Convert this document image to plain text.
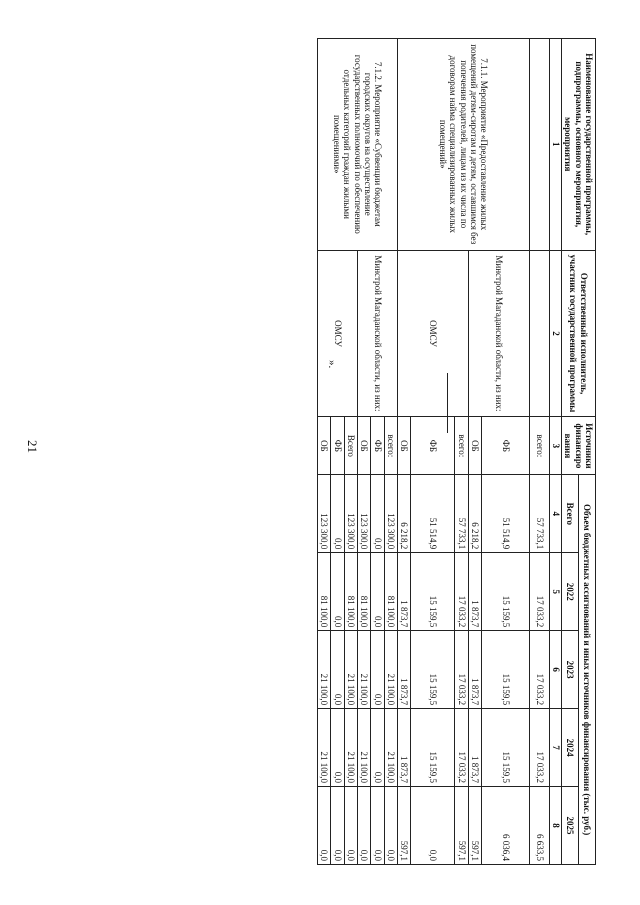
21
Наименование государственной программы, подпрограммы, основного мероприятия, мероприятия	Ответственный исполнитель, участник государственной программы	Источники финансиро вания	Объем бюджетных ассигнований и иных источников финансирования (тыс. руб.)				
			Всего	2022	2023	2024	2025
1	2	3	4	5	6	7	8
		всего:	57 733,1	17 033,2	17 033,2	17 033,2	6 633,5
7.1.1. Мероприятие «Предоставление жилых помещений детям-сиротам и детям, оставшимся без попечения родителей, лицам из их числа по договорам найма специализированных жилых помещений»	Минстрой Магаданской области, из них:	ФБ	51 514,9	15 159,5	15 159,5	15 159,5	6 036,4
		ОБ	6 218,2	1 873,7	1 873,7	1 873,7	597,1
	ОМСУ	всего:	57 733,1	17 033,2	17 033,2	17 033,2	597,1
		ФБ	51 514,9	15 159,5	15 159,5	15 159,5	0,0
		ОБ	6 218,2	1 873,7	1 873,7	1 873,7	597,1
7.1.2. Мероприятие «Субвенции бюджетам городских округов на осуществление государственных полномочий по обеспечению отдельных категорий граждан жилыми помещениями»	Минстрой Магаданской области, из них:	всего:	123 300,0	81 100,0	21 100,0	21 100,0	0,0
		ФБ	0,0	0,0	0,0	0,0	0,0
		ОБ	123 300,0	81 100,0	21 100,0	21 100,0	0,0
	ОМСУ	Всего	123 300,0	81 100,0	21 100,0	21 100,0	0,0
		ФБ	0,0	0,0	0,0	0,0	0,0
		ОБ	123 300,0	81 100,0	21 100,0	21 100,0	0,0
».
